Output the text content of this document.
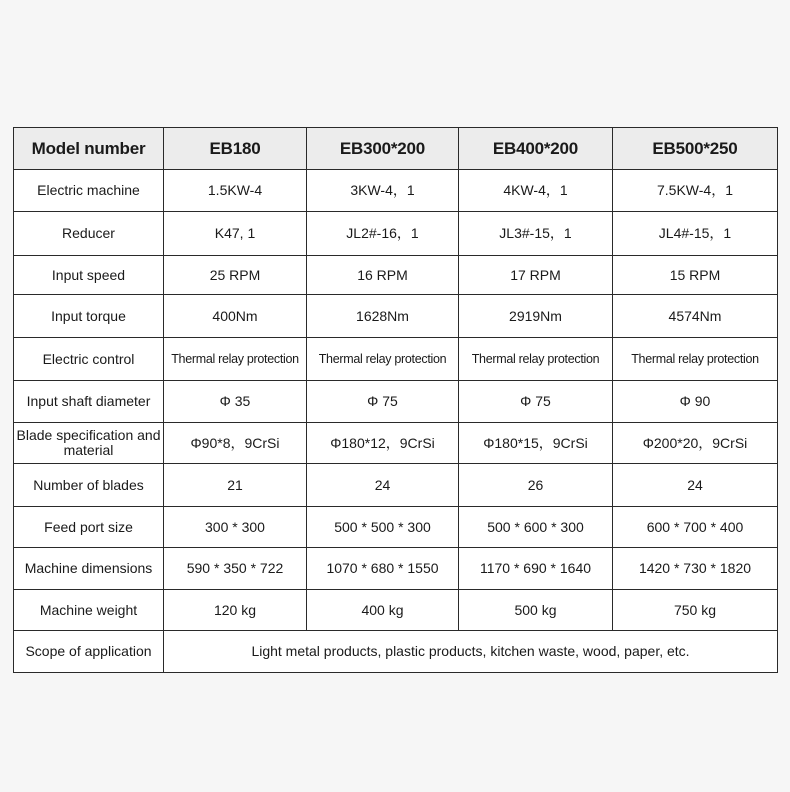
Model number	EB180	EB300*200	EB400*200	EB500*250
Electric machine	1.5KW-4	3KW-4，1	4KW-4，1	7.5KW-4，1
Reducer	K47, 1	JL2#-16，1	JL3#-15，1	JL4#-15，1
Input speed	25 RPM	16 RPM	17 RPM	15 RPM
Input torque	400Nm	1628Nm	2919Nm	4574Nm
Electric control	Thermal relay protection	Thermal relay protection	Thermal relay protection	Thermal relay protection
Input shaft diameter	Φ 35	Φ 75	Φ 75	Φ 90
Blade specification and material	Φ90*8，9CrSi	Φ180*12，9CrSi	Φ180*15，9CrSi	Φ200*20，9CrSi
Number of blades	21	24	26	24
Feed port size	300 * 300	500 * 500 * 300	500 * 600 * 300	600 * 700 * 400
Machine dimensions	590 * 350 * 722	1070 * 680 * 1550	1170 * 690 * 1640	1420 * 730 * 1820
Machine weight	120 kg	400 kg	500 kg	750 kg
Scope of application	Light metal products, plastic products, kitchen waste, wood, paper, etc.			
